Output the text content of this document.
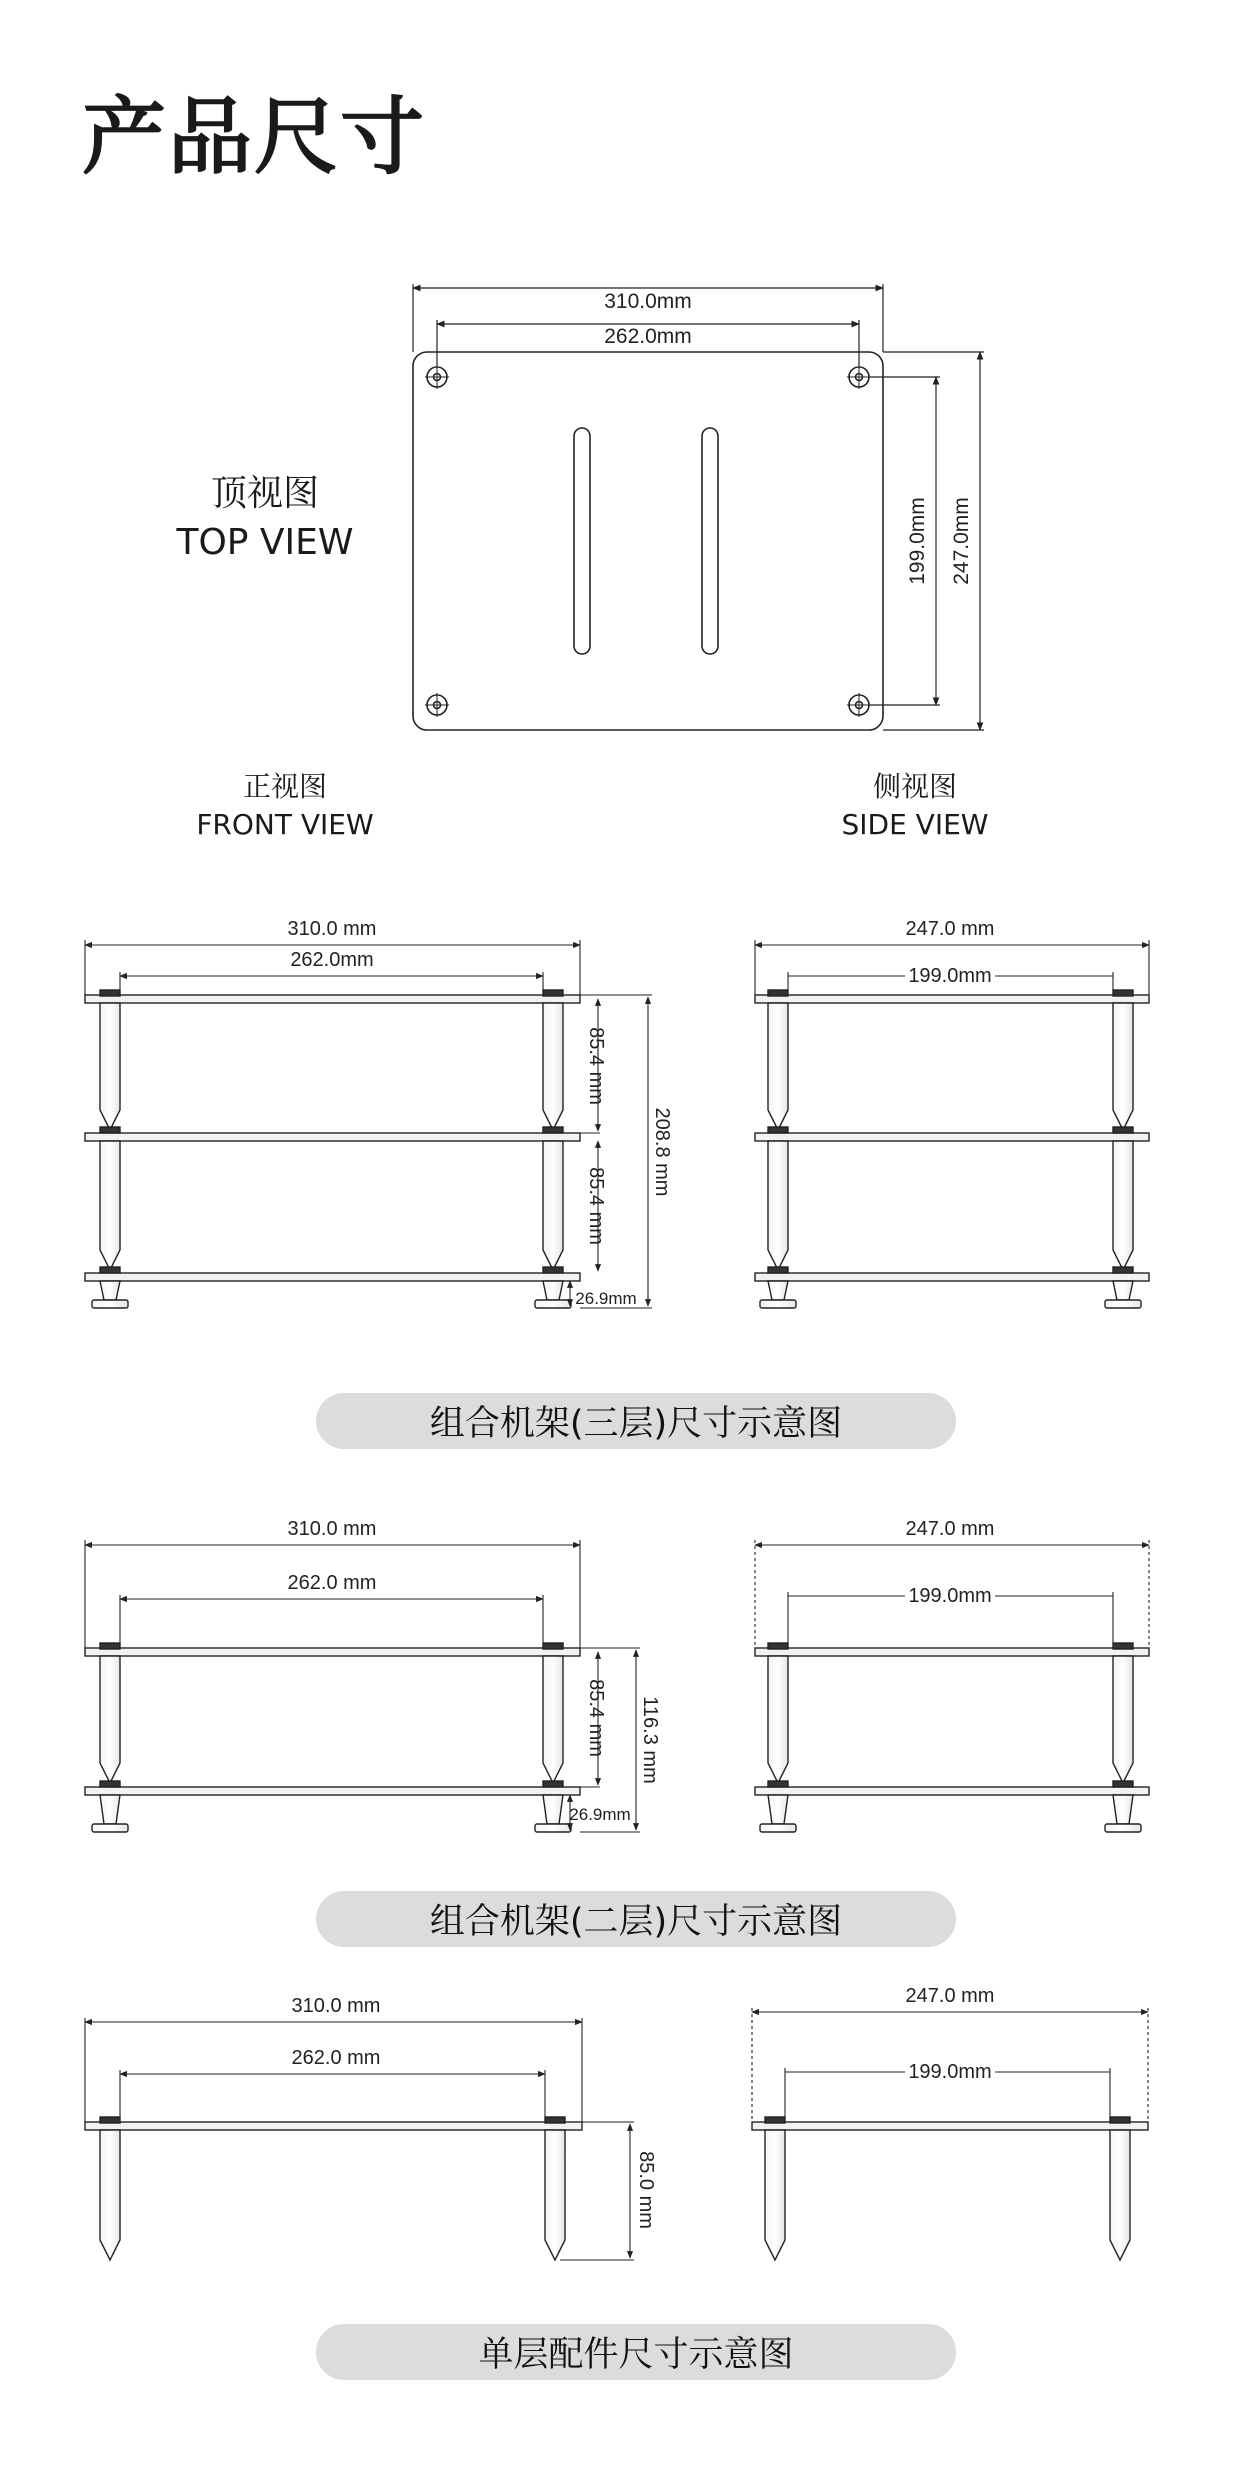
产品尺寸
顶视图
TOP VIEW
正视图
FRONT VIEW
侧视图
SIDE VIEW
310.0mm
262.0mm
199.0mm 247.0mm
310.0 mm
262.0mm
85.4 mm
85.4 mm
208.8 mm
26.9mm
247.0 mm
199.0mm
310.0 mm
262.0 mm
85.4 mm 116.3 mm
26.9mm
247.0 mm
199.0mm
310.0 mm
262.0 mm
85.0 mm
247.0 mm
199.0mm
组合机架(三层)尺寸示意图
组合机架(二层)尺寸示意图
单层配件尺寸示意图
